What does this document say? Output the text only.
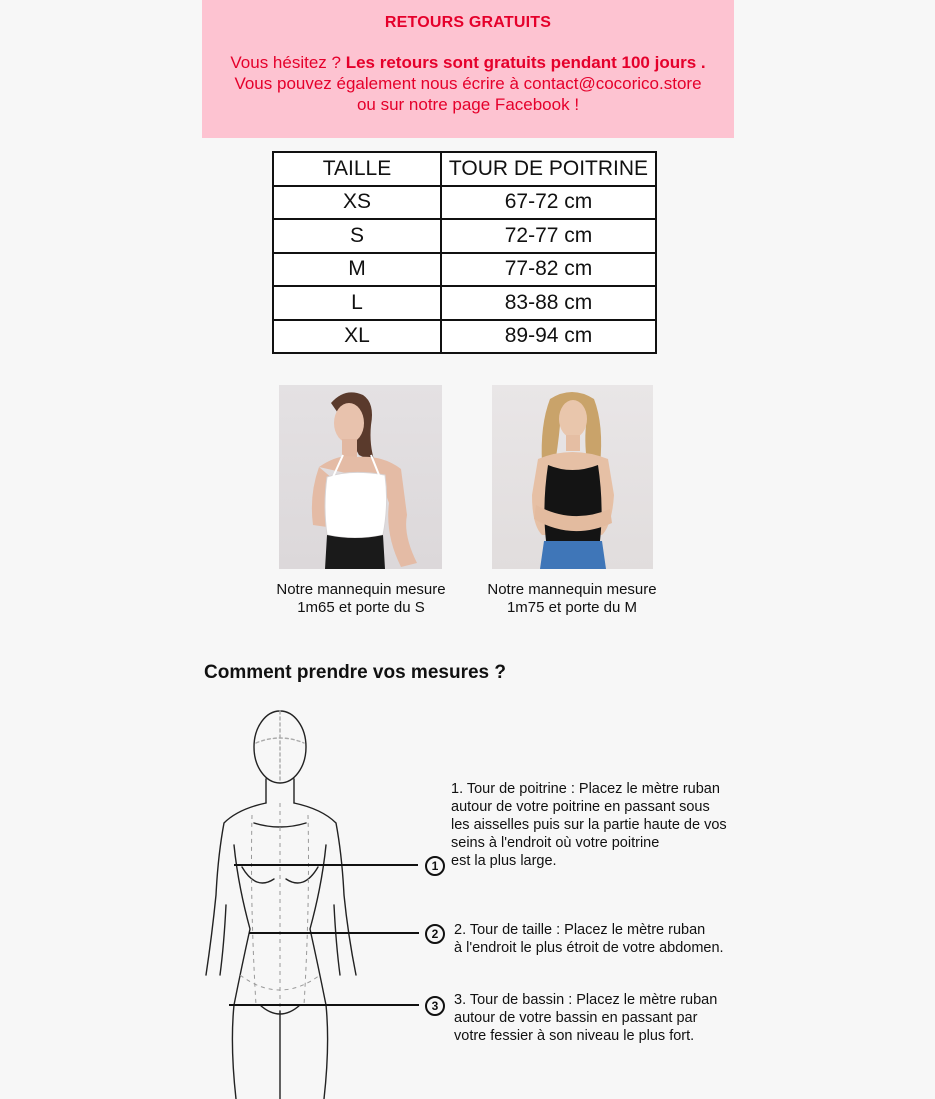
RETOURS GRATUITS
Vous hésitez ? Les retours sont gratuits pendant 100 jours .
Vous pouvez également nous écrire à contact@cocorico.store
ou sur notre page Facebook !
TAILLE	TOUR DE POITRINE
XS	67-72 cm
S	72-77 cm
M	77-82 cm
L	83-88 cm
XL	89-94 cm
Notre mannequin mesure
1m65 et porte du S
Notre mannequin mesure
1m75 et porte du M
Comment prendre vos mesures ?
1
2
3
1. Tour de poitrine : Placez le mètre ruban
autour de votre poitrine en passant sous
les aisselles puis sur la partie haute de vos
seins à l'endroit où votre poitrine
est la plus large.
2. Tour de taille : Placez le mètre ruban
à l'endroit le plus étroit de votre abdomen.
3. Tour de bassin : Placez le mètre ruban
autour de votre bassin en passant par
votre fessier à son niveau le plus fort.
